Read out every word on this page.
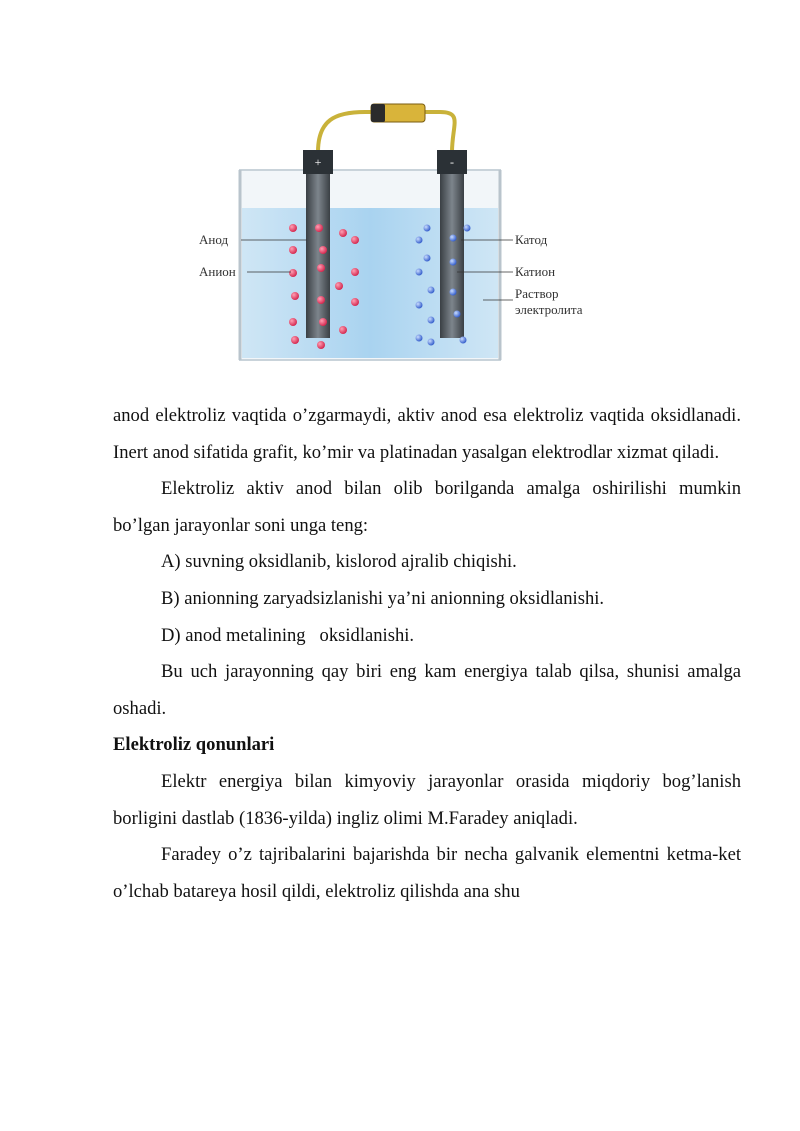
+	-
Анод
Анион
Катод
Катион
Раствор
электролита

anod elektroliz vaqtida o’zgarmaydi, aktiv anod esa elektroliz vaqtida oksidlanadi. Inert anod sifatida grafit, ko’mir va platinadan yasalgan elektrodlar xizmat qiladi.

Elektroliz aktiv anod bilan olib borilganda amalga oshirilishi mumkin bo’lgan jarayonlar soni unga teng:

A) suvning oksidlanib, kislorod ajralib chiqishi.

B) anionning zaryadsizlanishi ya’ni anionning oksidlanishi.

D) anod metalining   oksidlanishi.

Bu uch jarayonning qay biri eng kam energiya talab qilsa, shunisi amalga oshadi.

Elektroliz qonunlari

Elektr energiya bilan kimyoviy jarayonlar orasida miqdoriy bog’lanish borligini dastlab (1836-yilda) ingliz olimi M.Faradey aniqladi.

Faradey o’z tajribalarini bajarishda bir necha galvanik elementni ketma-ket o’lchab batareya hosil qildi, elektroliz qilishda ana shu
